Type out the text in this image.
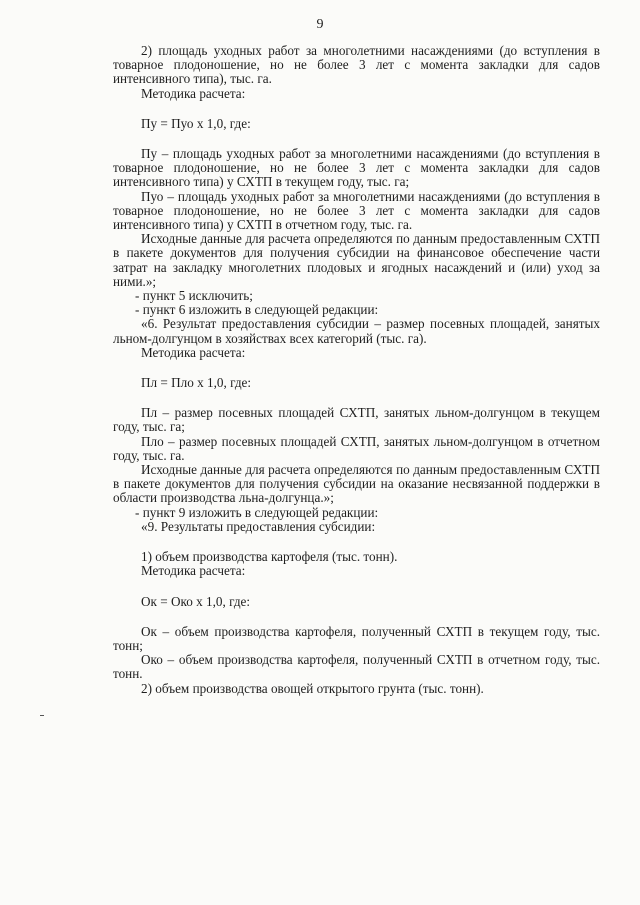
9

2) площадь уходных работ за многолетними насаждениями (до вступления в товарное плодоношение, но не более 3 лет с момента закладки для садов интенсивного типа), тыс. га.

Методика расчета:

Пу = Пуо х 1,0, где:

Пу – площадь уходных работ за многолетними насаждениями (до вступления в товарное плодоношение, но не более 3 лет с момента закладки для садов интенсивного типа) у СХТП в текущем году, тыс. га;

Пуо – площадь уходных работ за многолетними насаждениями (до вступления в товарное плодоношение, но не более 3 лет с момента закладки для садов интенсивного типа) у СХТП в отчетном году, тыс. га.

Исходные данные для расчета определяются по данным предоставленным СХТП в пакете документов для получения субсидии на финансовое обеспечение части затрат на закладку многолетних плодовых и ягодных насаждений и (или) уход за ними.»;

- пункт 5 исключить;

- пункт 6 изложить в следующей редакции:

«6. Результат предоставления субсидии – размер посевных площадей, занятых льном-долгунцом в хозяйствах всех категорий (тыс. га).

Методика расчета:

Пл = Пло х 1,0, где:

Пл – размер посевных площадей СХТП, занятых льном-долгунцом в текущем году, тыс. га;

Пло – размер посевных площадей СХТП, занятых льном-долгунцом в отчетном году, тыс. га.

Исходные данные для расчета определяются по данным предоставленным СХТП в пакете документов для получения субсидии на оказание несвязанной поддержки в области производства льна-долгунца.»;

- пункт 9 изложить в следующей редакции:

«9. Результаты предоставления субсидии:

1) объем производства картофеля (тыс. тонн).

Методика расчета:

Ок = Око х 1,0, где:

Ок – объем производства картофеля, полученный СХТП в текущем году, тыс. тонн;

Око – объем производства картофеля, полученный СХТП в отчетном году, тыс. тонн.

2) объем производства овощей открытого грунта (тыс. тонн).
